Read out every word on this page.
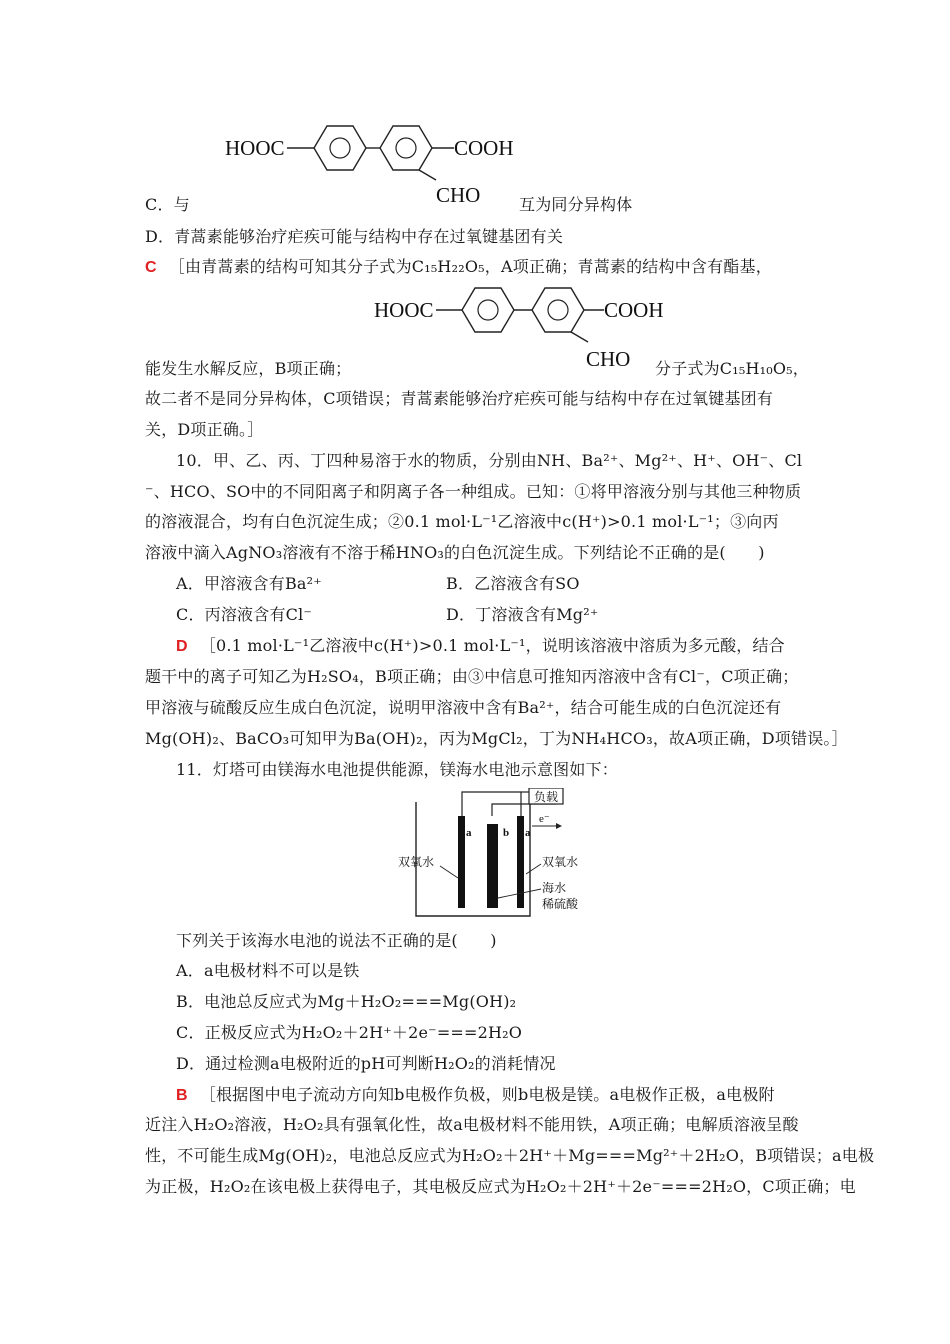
HOOC	COOH
CHO
C．与	互为同分异构体
D．青蒿素能够治疗疟疾可能与结构中存在过氧键基团有关
C ［由青蒿素的结构可知其分子式为C₁₅H₂₂O₅，A项正确；青蒿素的结构中含有酯基，
HOOC	COOH
CHO
能发生水解反应，B项正确；	分子式为C₁₅H₁₀O₅，
故二者不是同分异构体，C项错误；青蒿素能够治疗疟疾可能与结构中存在过氧键基团有
关，D项正确。］
10．甲、乙、丙、丁四种易溶于水的物质，分别由NH、Ba²⁺、Mg²⁺、H⁺、OH⁻、Cl
⁻、HCO、SO中的不同阳离子和阴离子各一种组成。已知：①将甲溶液分别与其他三种物质
的溶液混合，均有白色沉淀生成；②0.1 mol·L⁻¹乙溶液中c(H⁺)>0.1 mol·L⁻¹；③向丙
溶液中滴入AgNO₃溶液有不溶于稀HNO₃的白色沉淀生成。下列结论不正确的是(　　)
A．甲溶液含有Ba²⁺	B．乙溶液含有SO
C．丙溶液含有Cl⁻	D．丁溶液含有Mg²⁺
D ［0.1 mol·L⁻¹乙溶液中c(H⁺)>0.1 mol·L⁻¹，说明该溶液中溶质为多元酸，结合
题干中的离子可知乙为H₂SO₄，B项正确；由③中信息可推知丙溶液中含有Cl⁻，C项正确；
甲溶液与硫酸反应生成白色沉淀，说明甲溶液中含有Ba²⁺，结合可能生成的白色沉淀还有
Mg(OH)₂、BaCO₃可知甲为Ba(OH)₂，丙为MgCl₂，丁为NH₄HCO₃，故A项正确，D项错误。］
11．灯塔可由镁海水电池提供能源，镁海水电池示意图如下：
负载
e⁻
a	b a
双氧水	双氧水
海水
稀硫酸
下列关于该海水电池的说法不正确的是(　　)
A．a电极材料不可以是铁
B．电池总反应式为Mg＋H₂O₂===Mg(OH)₂
C．正极反应式为H₂O₂＋2H⁺＋2e⁻===2H₂O
D．通过检测a电极附近的pH可判断H₂O₂的消耗情况
B ［根据图中电子流动方向知b电极作负极，则b电极是镁。a电极作正极，a电极附
近注入H₂O₂溶液，H₂O₂具有强氧化性，故a电极材料不能用铁，A项正确；电解质溶液呈酸
性，不可能生成Mg(OH)₂，电池总反应式为H₂O₂＋2H⁺＋Mg===Mg²⁺＋2H₂O，B项错误；a电极
为正极，H₂O₂在该电极上获得电子，其电极反应式为H₂O₂＋2H⁺＋2e⁻===2H₂O，C项正确；电
